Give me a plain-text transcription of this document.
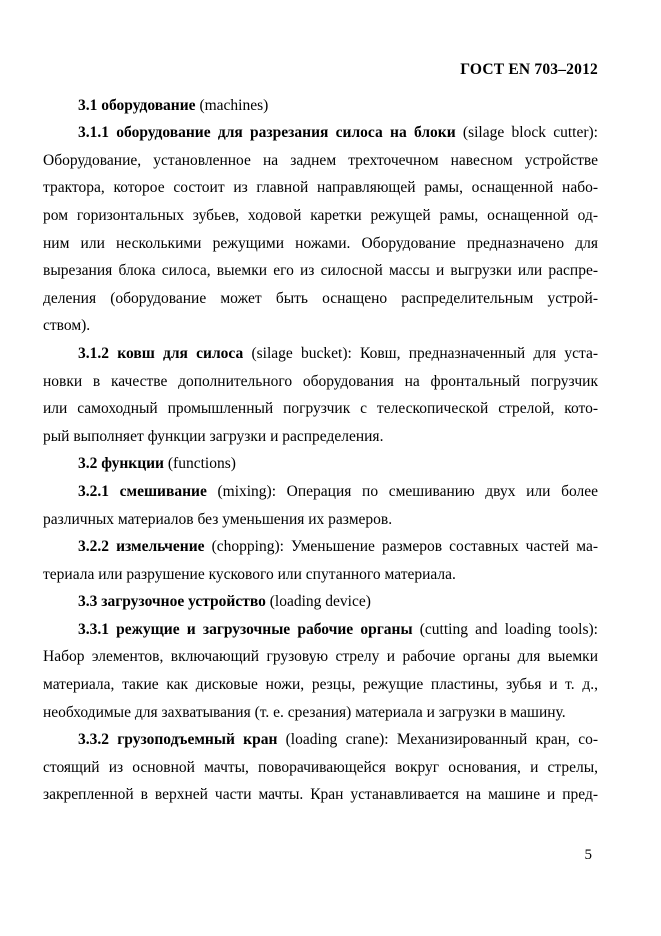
ГОСТ EN 703–2012
3.1 оборудование (machines)
3.1.1 оборудование для разрезания силоса на блоки (silage block cutter):
Оборудование, установленное на заднем трехточечном навесном устройстве
трактора, которое состоит из главной направляющей рамы, оснащенной набо-
ром горизонтальных зубьев, ходовой каретки режущей рамы, оснащенной од-
ним или несколькими режущими ножами. Оборудование предназначено для
вырезания блока силоса, выемки его из силосной массы и выгрузки или распре-
деления (оборудование может быть оснащено распределительным устрой-
ством).
3.1.2 ковш для силоса (silage bucket): Ковш, предназначенный для уста-
новки в качестве дополнительного оборудования на фронтальный погрузчик
или самоходный промышленный погрузчик с телескопической стрелой, кото-
рый выполняет функции загрузки и распределения.
3.2 функции (functions)
3.2.1 смешивание (mixing): Операция по смешиванию двух или более
различных материалов без уменьшения их размеров.
3.2.2 измельчение (chopping): Уменьшение размеров составных частей ма-
териала или разрушение кускового или спутанного материала.
3.3 загрузочное устройство (loading device)
3.3.1 режущие и загрузочные рабочие органы (cutting and loading tools):
Набор элементов, включающий грузовую стрелу и рабочие органы для выемки
материала, такие как дисковые ножи, резцы, режущие пластины, зубья и т. д.,
необходимые для захватывания (т. е. срезания) материала и загрузки в машину.
3.3.2 грузоподъемный кран (loading crane): Механизированный кран, со-
стоящий из основной мачты, поворачивающейся вокруг основания, и стрелы,
закрепленной в верхней части мачты. Кран устанавливается на машине и пред-
5
